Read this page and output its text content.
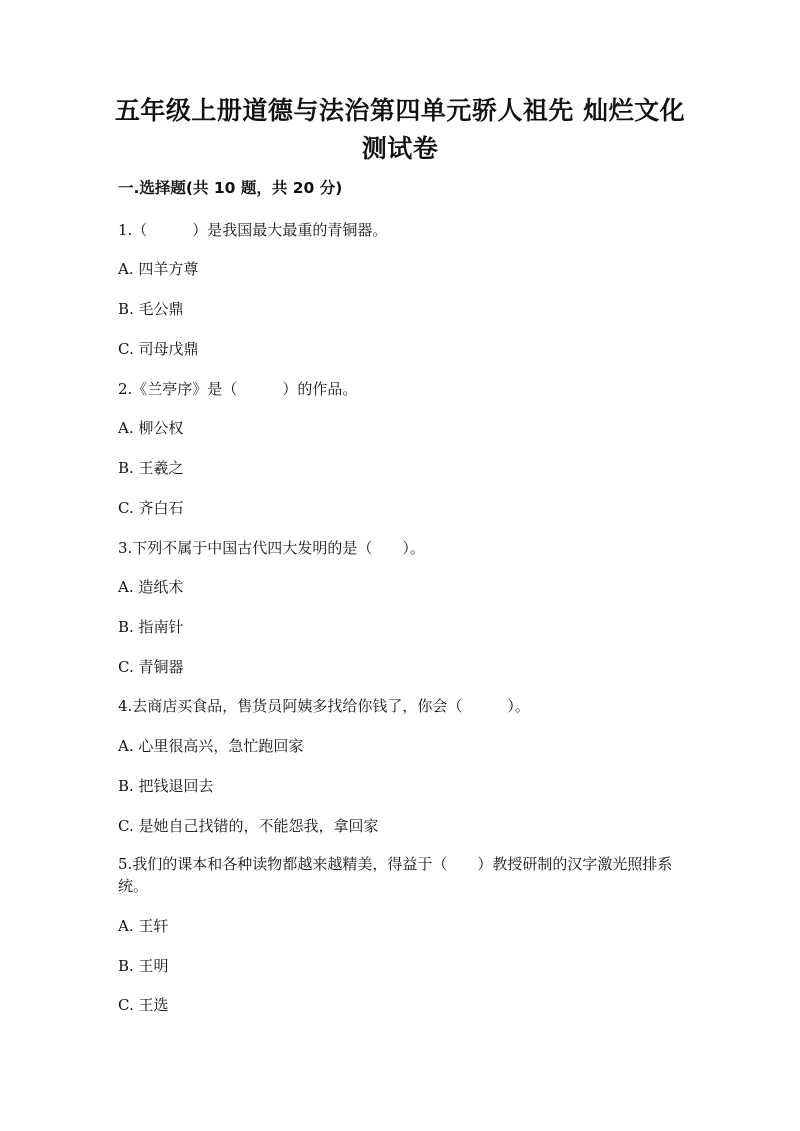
五年级上册道德与法治第四单元骄人祖先 灿烂文化
测试卷
一.选择题(共 10 题，共 20 分)
1.（　　　）是我国最大最重的青铜器。
A. 四羊方尊
B. 毛公鼎
C. 司母戊鼎
2.《兰亭序》是（　　　）的作品。
A. 柳公权
B. 王羲之
C. 齐白石
3.下列不属于中国古代四大发明的是（　　）。
A. 造纸术
B. 指南针
C. 青铜器
4.去商店买食品，售货员阿姨多找给你钱了，你会（　　　）。
A. 心里很高兴，急忙跑回家
B. 把钱退回去
C. 是她自己找错的，不能怨我，拿回家
5.我们的课本和各种读物都越来越精美，得益于（　　）教授研制的汉字激光照排系统。
A. 王轩
B. 王明
C. 王选
